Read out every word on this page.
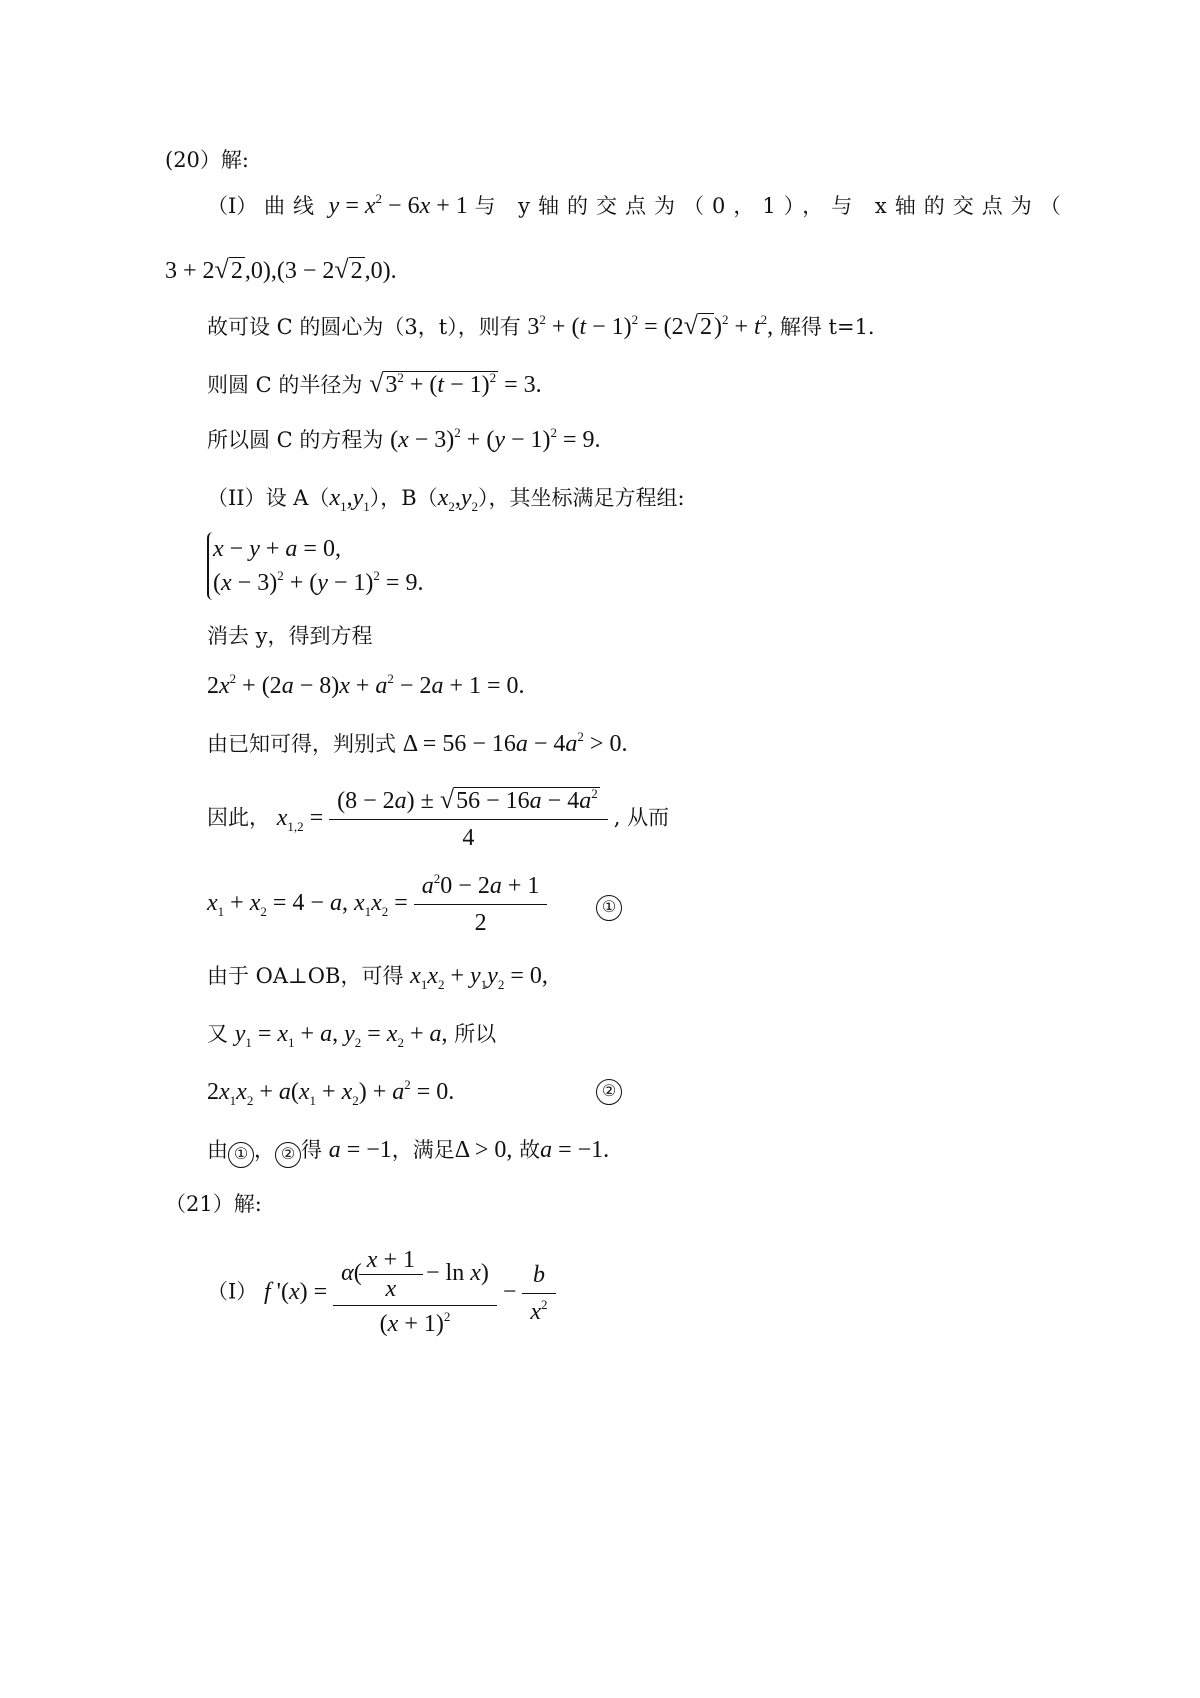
(20）解:
（I） 曲线 $y = x^2 - 6x + 1$ 与 y轴的交点为（0，1），与 x轴的交点为（
3 + 2√2,0),(3 − 2√2,0).
故可设 C 的圆心为（3，t），则有 $3^2 + (t - 1)^2 = (2√2)^2 + t^2$, 解得 t=1.
则圆 C 的半径为 $√3^2 + (t - 1)^2 = 3$.
所以圆 C 的方程为 $(x - 3)^2 + (y - 1)^2 = 9$.
（II）设 $A(x_1,y_1)$，$B(x_2,y_2)$，其坐标满足方程组:
x − y + a = 0,
$(x - 3)^2 + (y - 1)^2 = 9$.
消去 y，得到方程
$2x^2 + (2a - 8)x + a^2 - 2a + 1 = 0$.
由已知可得，判别式 $\Delta = 56 - 16a - 4a^2 > 0$.
因此， $x_{1,2} = \frac{(8 - 2a) \pm √56 - 16a - 4a^2}{4}$ , 从而
$x_1 + x_2 = 4 - a$, $x_1x_2 = \frac{a^20 - 2a + 1}{2}$	①
由于 OA⊥OB，可得 $x_1x_2 + y_1y_2 = 0$,
又 $y_1 = x_1 + a$, $y_2 = x_2 + a$, 所以
$2x_1x_2 + a(x_1 + x_2) + a^2 = 0$.	②
由 ① ， ② 得 a = −1，满足Δ > 0, 故a = −1.
（21）解:
（I） f '$(x) = \frac{\alpha( \frac{x + 1}{x} - \ln x)}{(x + 1)^2} - \frac{b}{x^2}$
